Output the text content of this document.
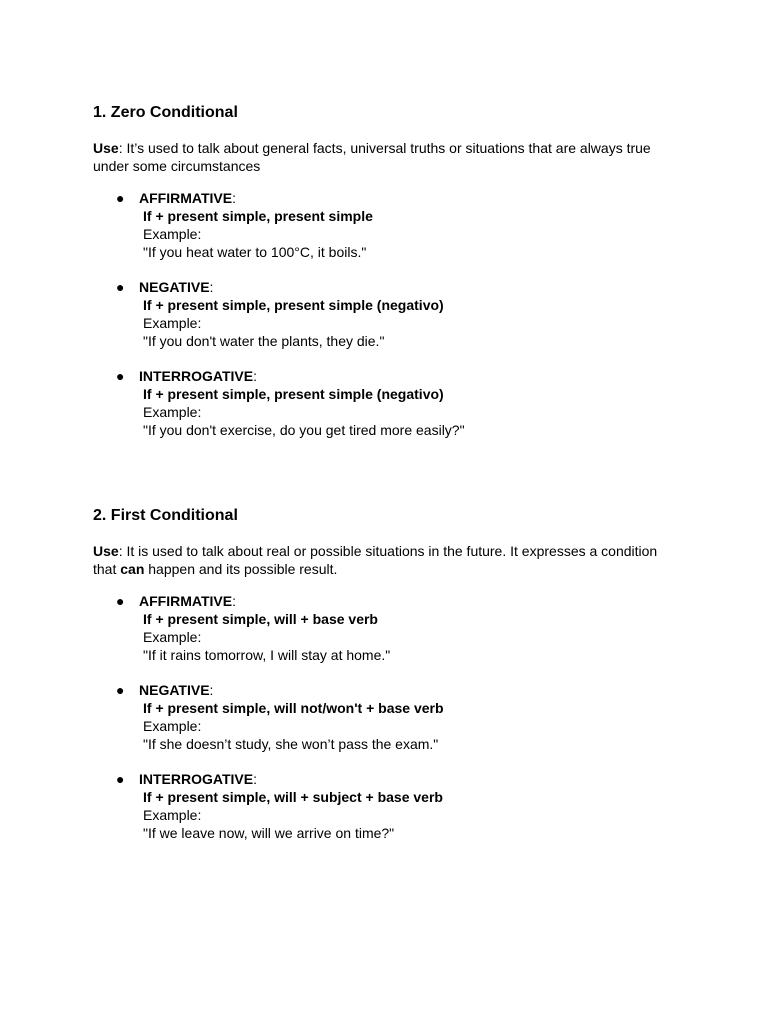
1. Zero Conditional

Use: It’s used to talk about general facts, universal truths or situations that are always true under some circumstances

● AFFIRMATIVE:
If + present simple, present simple
Example:
"If you heat water to 100°C, it boils."
● NEGATIVE:
If + present simple, present simple (negativo)
Example:
"If you don't water the plants, they die."
● INTERROGATIVE:
If + present simple, present simple (negativo)
Example:
"If you don't exercise, do you get tired more easily?"
2. First Conditional

Use: It is used to talk about real or possible situations in the future. It expresses a condition that can happen and its possible result.

● AFFIRMATIVE:
If + present simple, will + base verb
Example:
"If it rains tomorrow, I will stay at home."
● NEGATIVE:
If + present simple, will not/won't + base verb
Example:
"If she doesn’t study, she won’t pass the exam."
● INTERROGATIVE:
If + present simple, will + subject + base verb
Example:
"If we leave now, will we arrive on time?"
